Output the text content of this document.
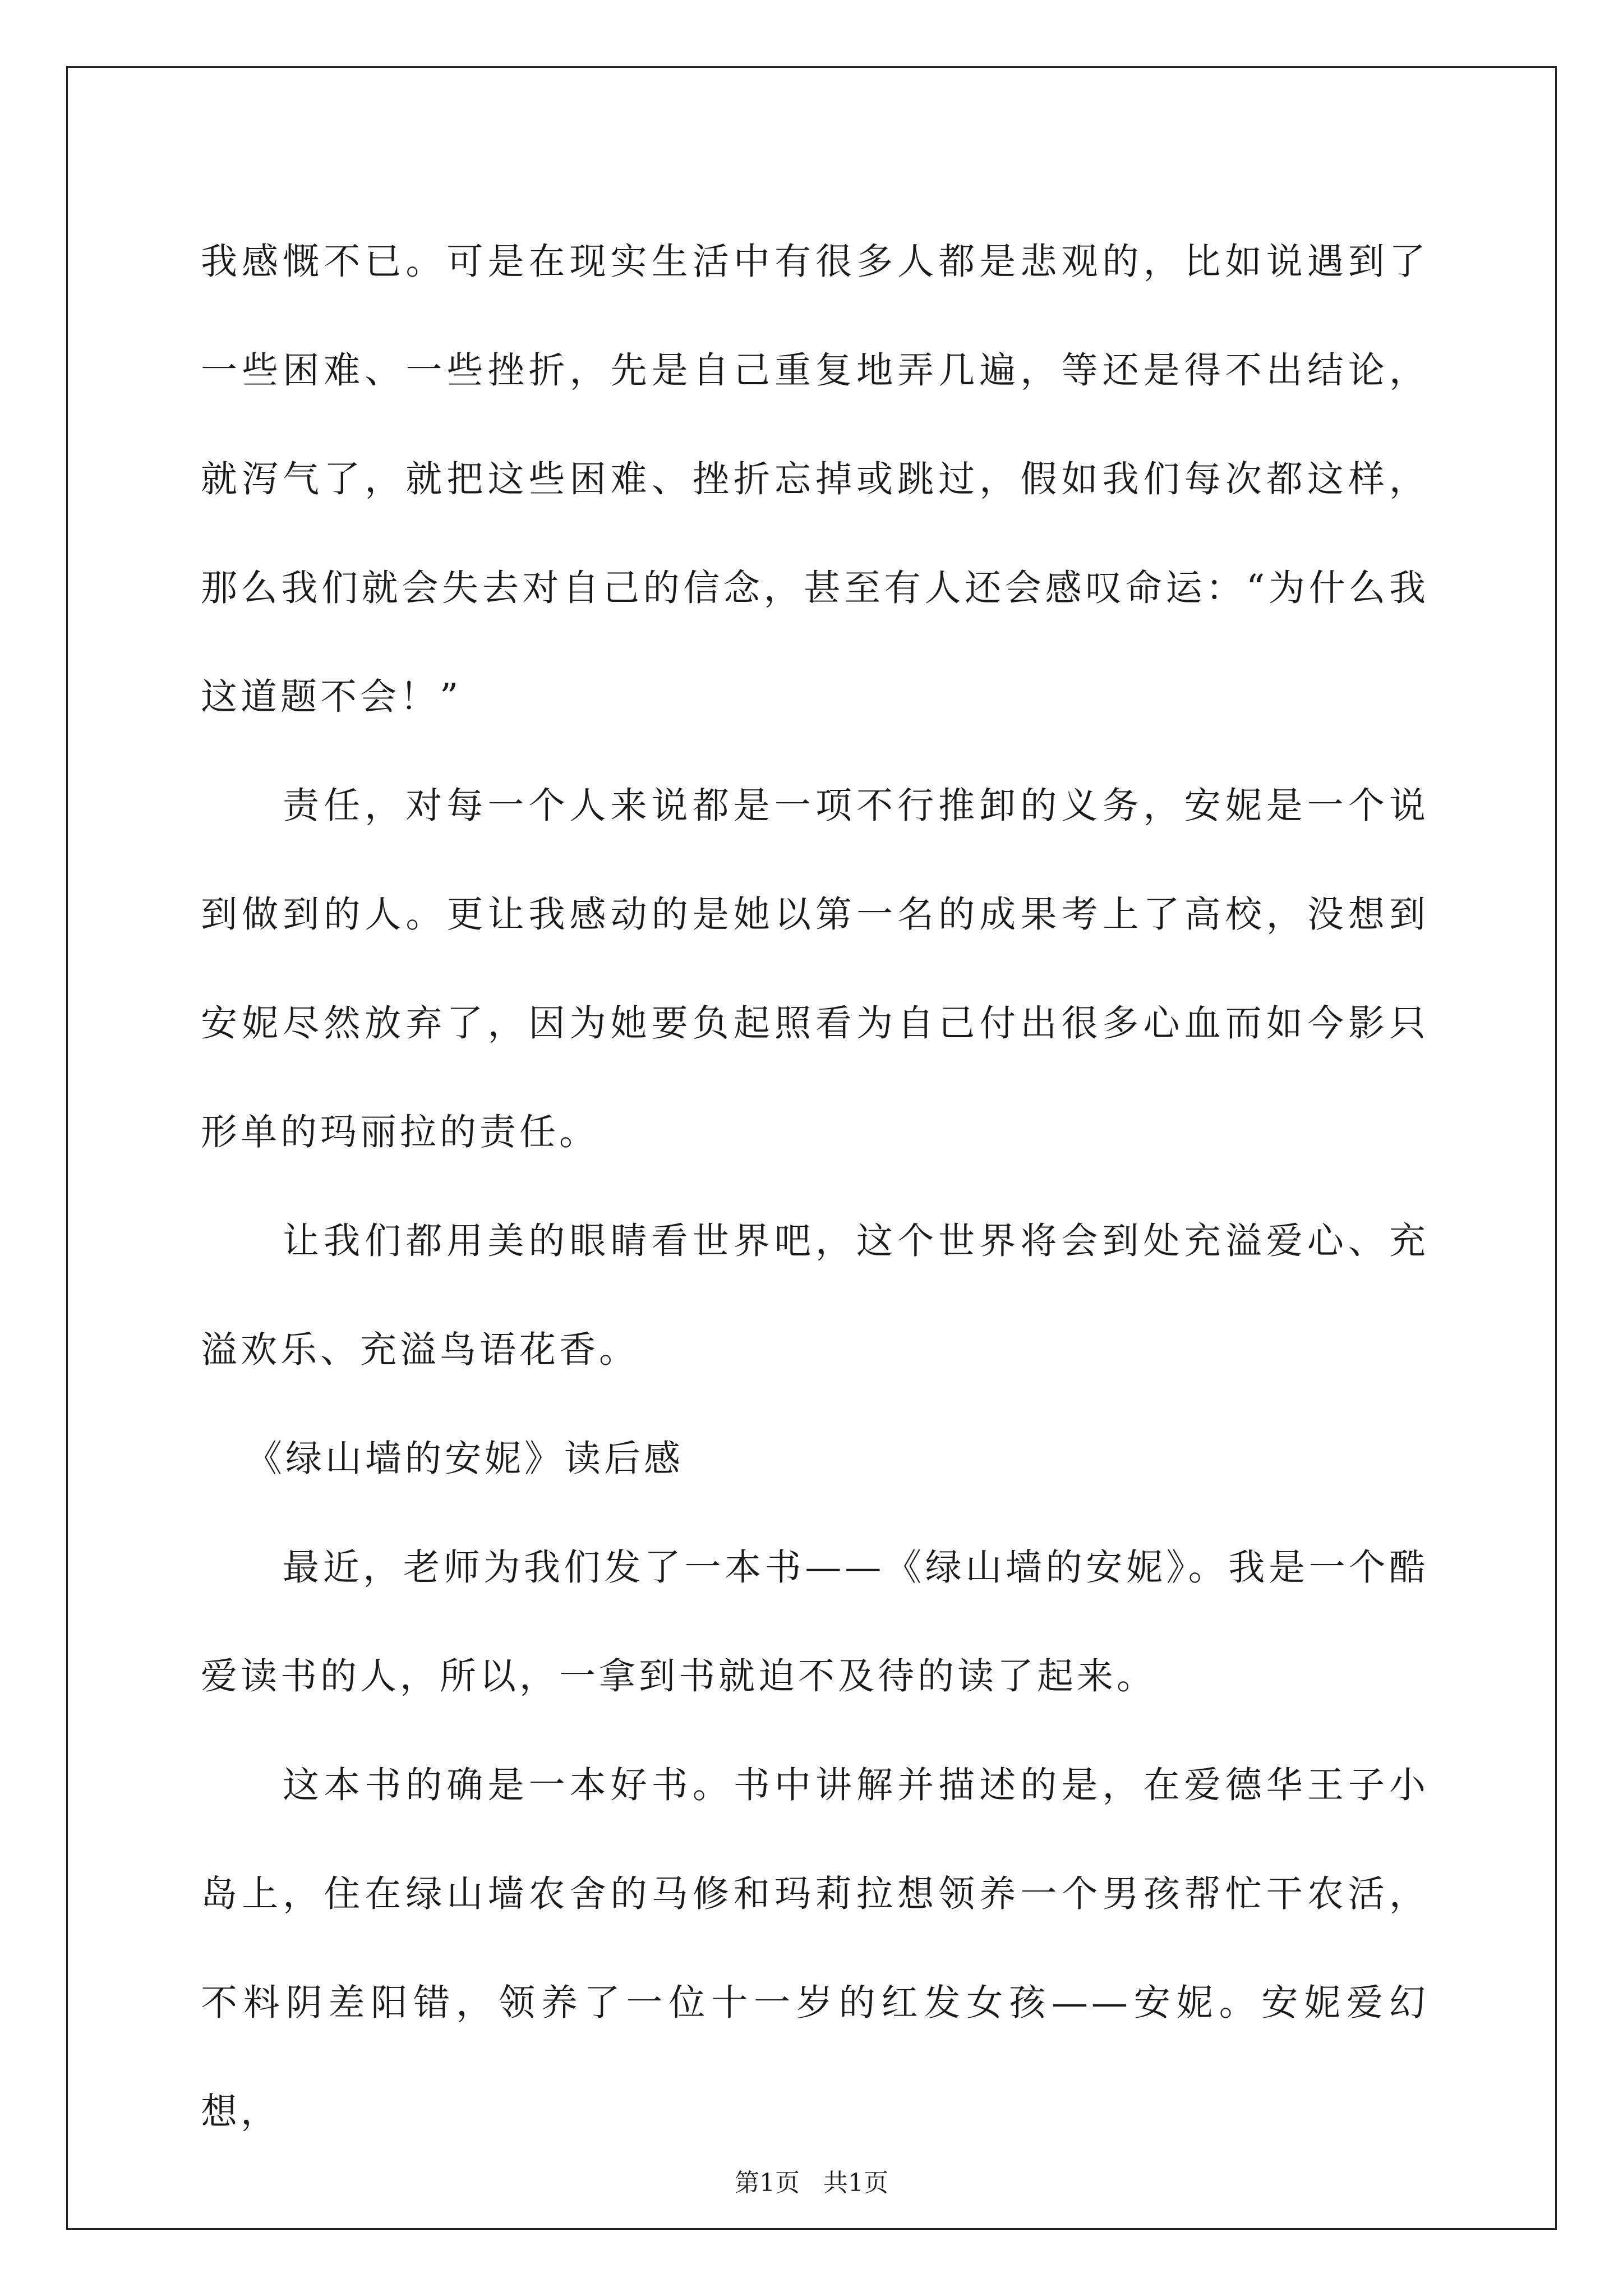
我感慨不已。可是在现实生活中有很多人都是悲观的，比如说遇到了一些困难、一些挫折，先是自己重复地弄几遍，等还是得不出结论，就泻气了，就把这些困难、挫折忘掉或跳过，假如我们每次都这样，那么我们就会失去对自己的信念，甚至有人还会感叹命运：“为什么我这道题不会！”

责任，对每一个人来说都是一项不行推卸的义务，安妮是一个说到做到的人。更让我感动的是她以第一名的成果考上了高校，没想到安妮尽然放弃了，因为她要负起照看为自己付出很多心血而如今影只形单的玛丽拉的责任。

让我们都用美的眼睛看世界吧，这个世界将会到处充溢爱心、充溢欢乐、充溢鸟语花香。

《绿山墙的安妮》读后感

最近，老师为我们发了一本书——《绿山墙的安妮》。我是一个酷爱读书的人，所以，一拿到书就迫不及待的读了起来。

这本书的确是一本好书。书中讲解并描述的是，在爱德华王子小岛上，住在绿山墙农舍的马修和玛莉拉想领养一个男孩帮忙干农活，不料阴差阳错，领养了一位十一岁的红发女孩——安妮。安妮爱幻想，

第1页 共1页
